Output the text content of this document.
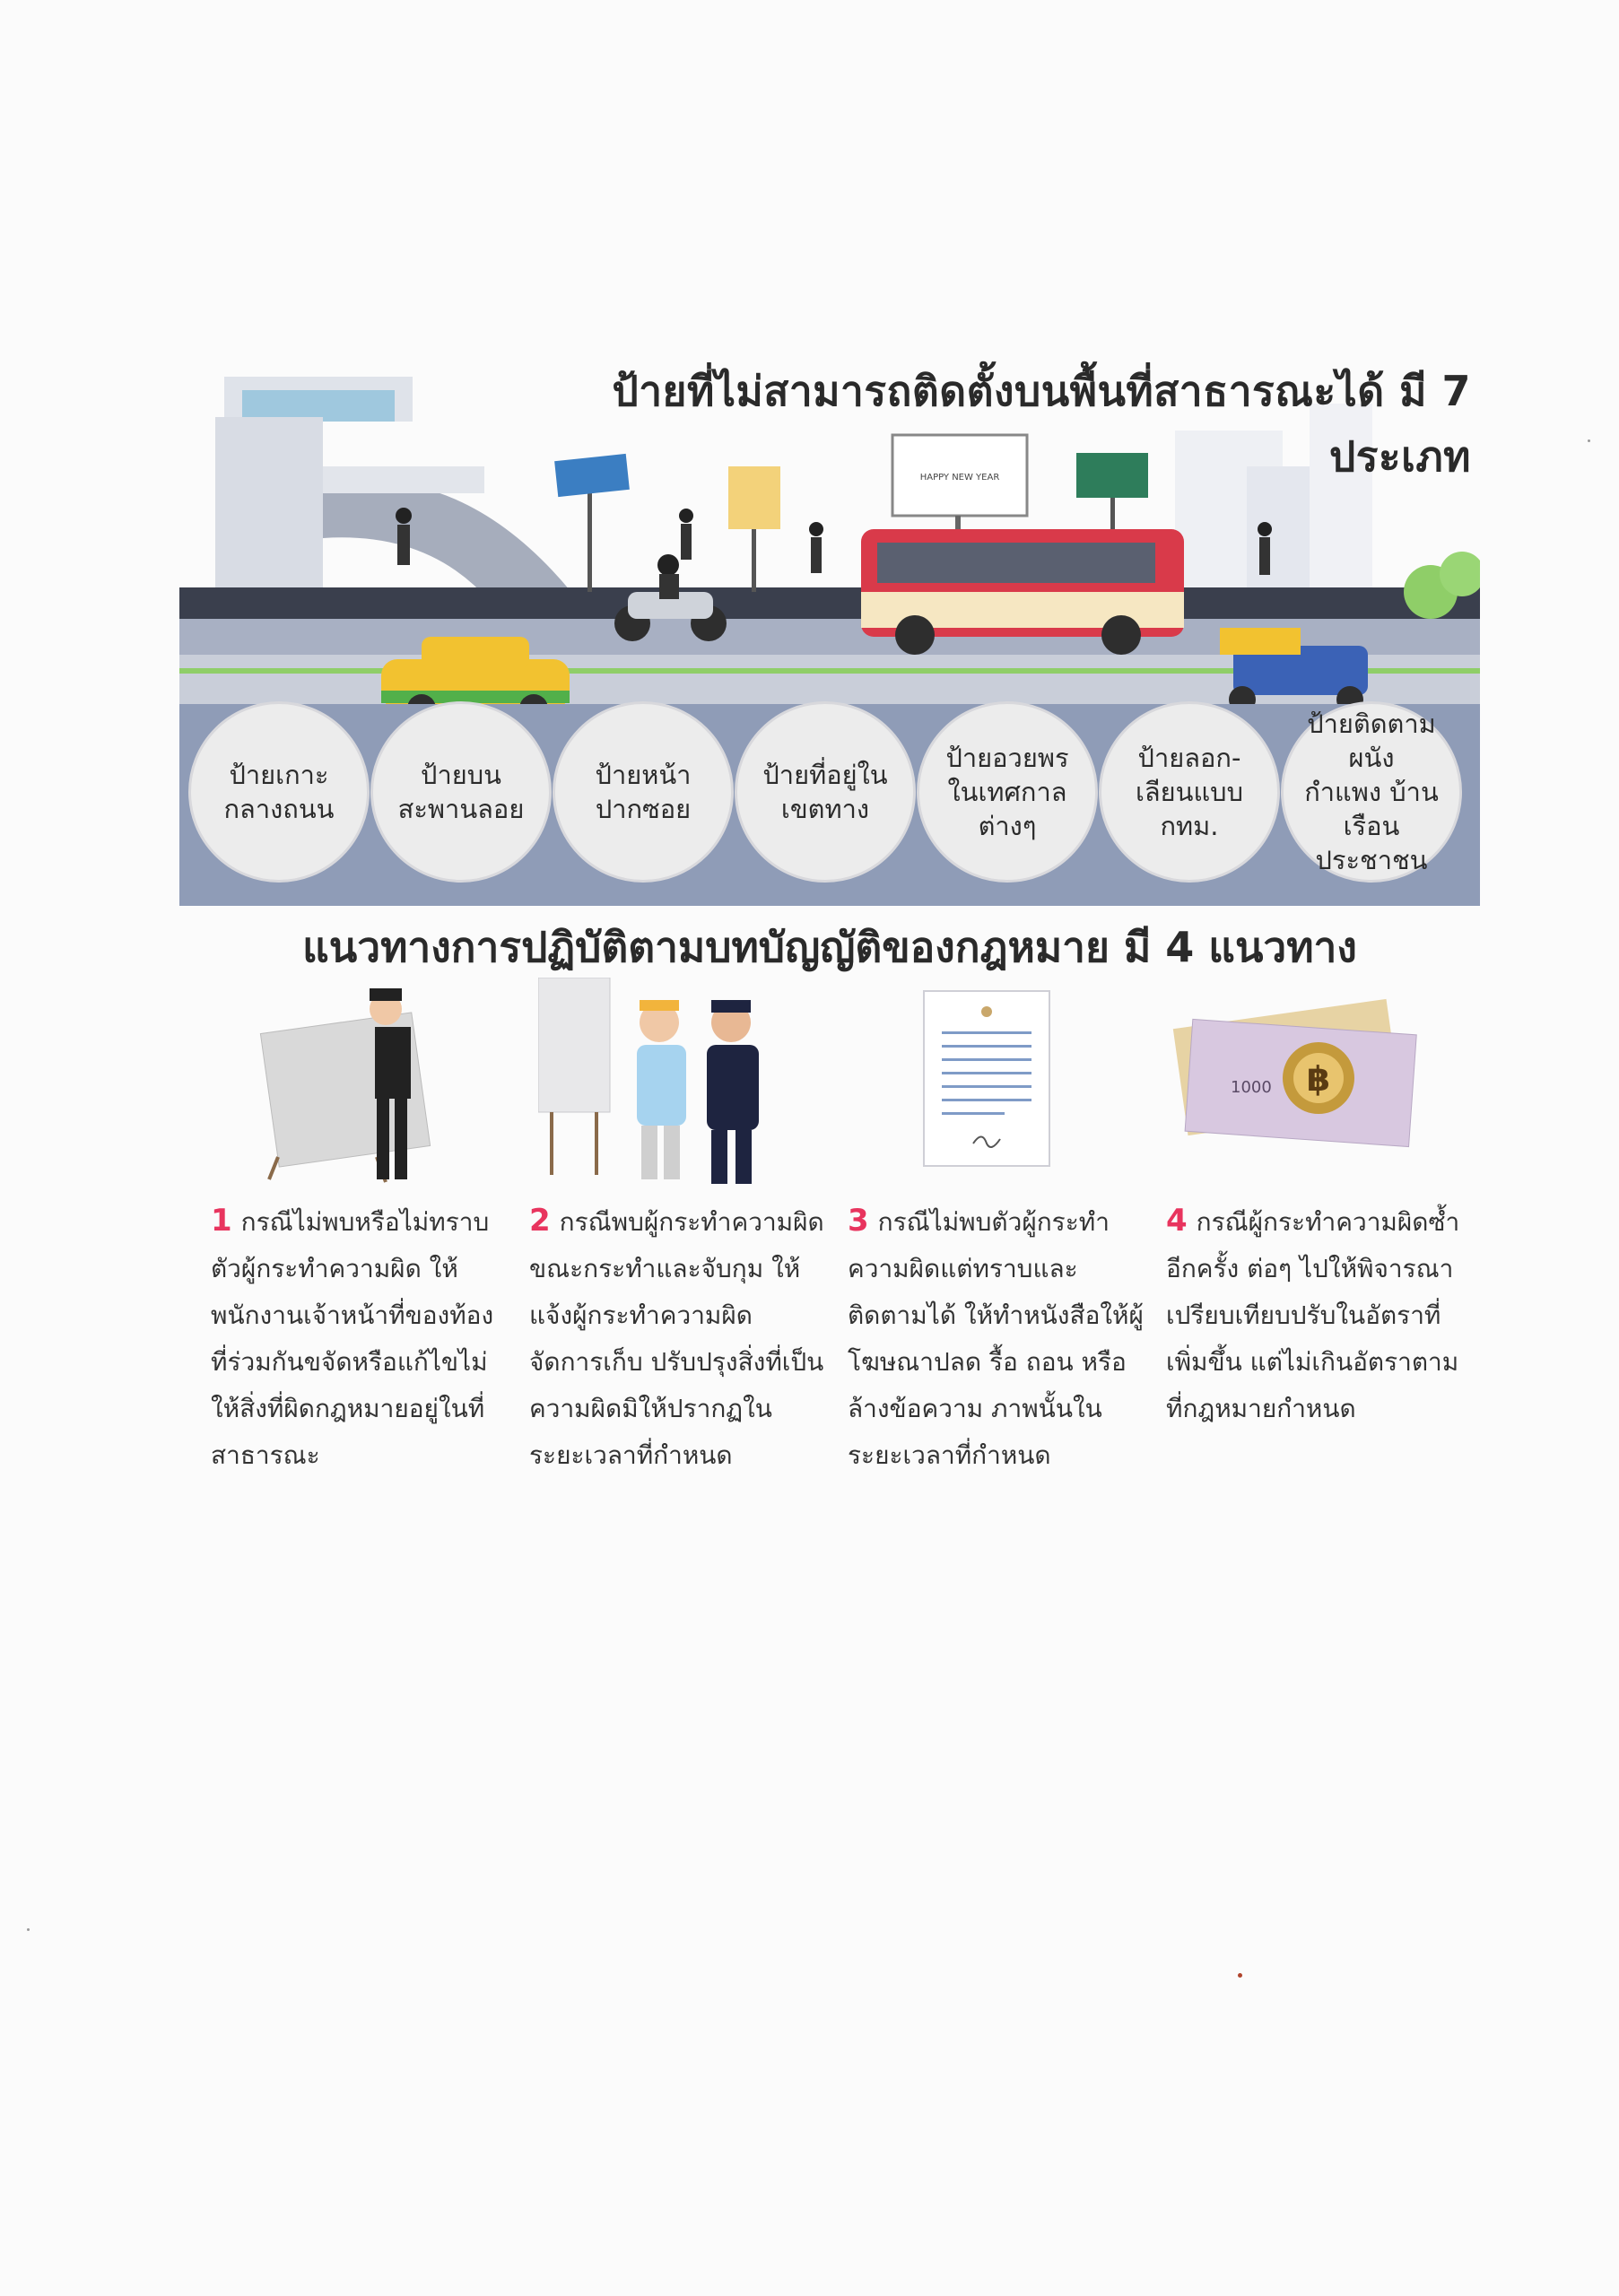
HAPPY NEW YEAR
ป้ายที่ไม่สามารถติดตั้งบนพื้นที่สาธารณะได้ มี 7 ประเภท
ป้ายเกาะ
กลางถนน
ป้ายบน
สะพานลอย
ป้ายหน้า
ปากซอย
ป้ายที่อยู่ใน
เขตทาง
ป้ายอวยพร
ในเทศกาล
ต่างๆ
ป้ายลอก-
เลียนแบบ
กทม.
ป้ายติดตามผนัง
กำแพง บ้านเรือน
ประชาชน
แนวทางการปฏิบัติตามบทบัญญัติของกฎหมาย มี 4 แนวทาง
฿
1000
1 กรณีไม่พบหรือไม่ทราบตัวผู้กระทำความผิด ให้พนักงานเจ้าหน้าที่ของท้องที่ร่วมกันขจัดหรือแก้ไขไม่ให้สิ่งที่ผิดกฎหมายอยู่ในที่สาธารณะ
2 กรณีพบผู้กระทำความผิดขณะกระทำและจับกุม ให้แจ้งผู้กระทำความผิดจัดการเก็บ ปรับปรุงสิ่งที่เป็นความผิดมิให้ปรากฏในระยะเวลาที่กำหนด
3 กรณีไม่พบตัวผู้กระทำความผิดแต่ทราบและติดตามได้ ให้ทำหนังสือให้ผู้โฆษณาปลด รื้อ ถอน หรือล้างข้อความ ภาพนั้นในระยะเวลาที่กำหนด
4 กรณีผู้กระทำความผิดซ้ำอีกครั้ง ต่อๆ ไปให้พิจารณาเปรียบเทียบปรับในอัตราที่เพิ่มขึ้น แต่ไม่เกินอัตราตามที่กฎหมายกำหนด
